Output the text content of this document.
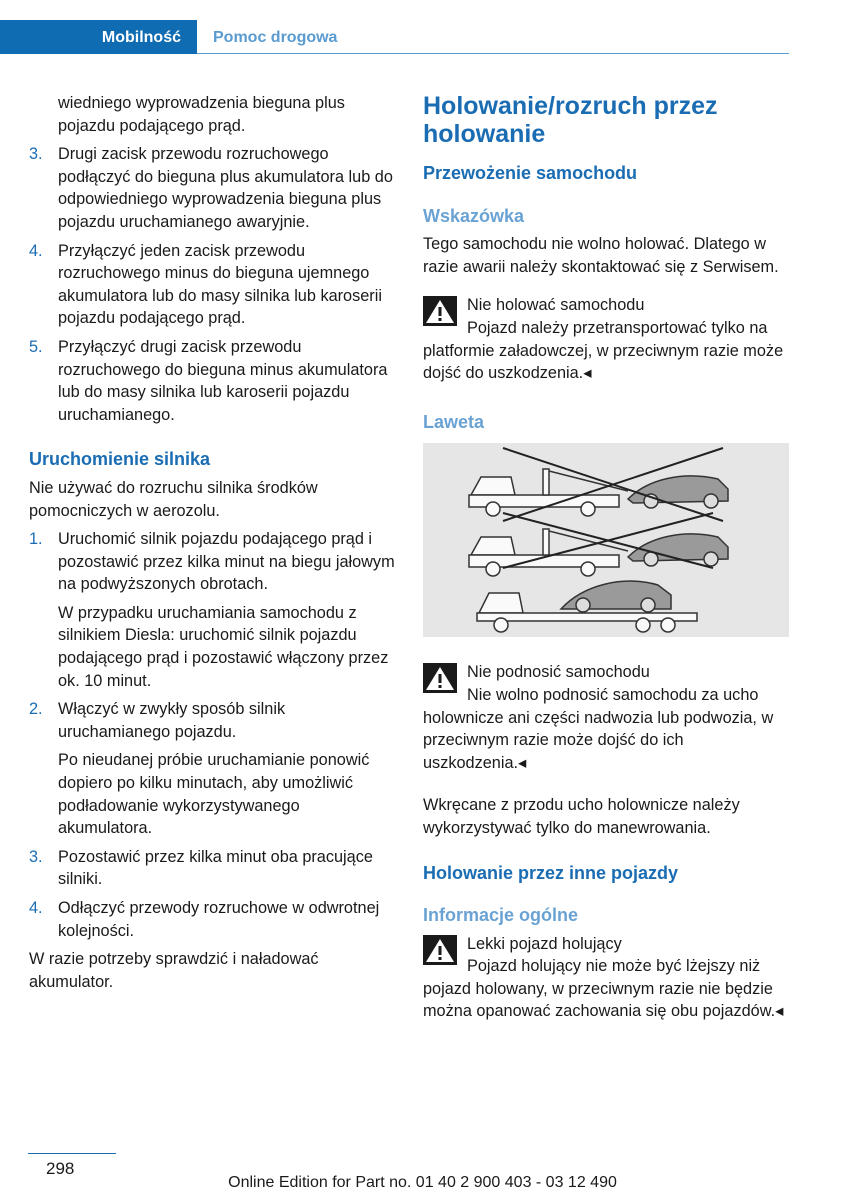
Mobilność	Pomoc drogowa
wiedniego wyprowadzenia bieguna plus pojazdu podającego prąd.
3. Drugi zacisk przewodu rozruchowego podłączyć do bieguna plus akumulatora lub do odpowiedniego wyprowadzenia bieguna plus pojazdu uruchamianego awaryjnie.

4. Przyłączyć jeden zacisk przewodu rozruchowego minus do bieguna ujemnego akumulatora lub do masy silnika lub karoserii pojazdu podającego prąd.

5. Przyłączyć drugi zacisk przewodu rozruchowego do bieguna minus akumulatora lub do masy silnika lub karoserii pojazdu uruchamianego.

Uruchomienie silnika
Nie używać do rozruchu silnika środków pomocniczych w aerozolu.
1. Uruchomić silnik pojazdu podającego prąd i pozostawić przez kilka minut na biegu jałowym na podwyższonych obrotach.

W przypadku uruchamiania samochodu z silnikiem Diesla: uruchomić silnik pojazdu podającego prąd i pozostawić włączony przez ok. 10 minut.

2. Włączyć w zwykły sposób silnik uruchamianego pojazdu.

Po nieudanej próbie uruchamianie ponowić dopiero po kilku minutach, aby umożliwić podładowanie wykorzystywanego akumulatora.

3. Pozostawić przez kilka minut oba pracujące silniki.

4. Odłączyć przewody rozruchowe w odwrotnej kolejności.

W razie potrzeby sprawdzić i naładować akumulator.
Holowanie/rozruch przez holowanie
Przewożenie samochodu
Wskazówka
Tego samochodu nie wolno holować. Dlatego w razie awarii należy skontaktować się z Serwisem.
Nie holować samochodu
Pojazd należy przetransportować tylko na platformie załadowczej, w przeciwnym razie może dojść do uszkodzenia.◂
Laweta
Nie podnosić samochodu
Nie wolno podnosić samochodu za ucho holownicze ani części nadwozia lub podwozia, w przeciwnym razie może dojść do ich uszkodzenia.◂
Wkręcane z przodu ucho holownicze należy wykorzystywać tylko do manewrowania.
Holowanie przez inne pojazdy
Informacje ogólne
Lekki pojazd holujący
Pojazd holujący nie może być lżejszy niż pojazd holowany, w przeciwnym razie nie będzie można opanować zachowania się obu pojazdów.◂
298
Online Edition for Part no. 01 40 2 900 403 - 03 12 490
